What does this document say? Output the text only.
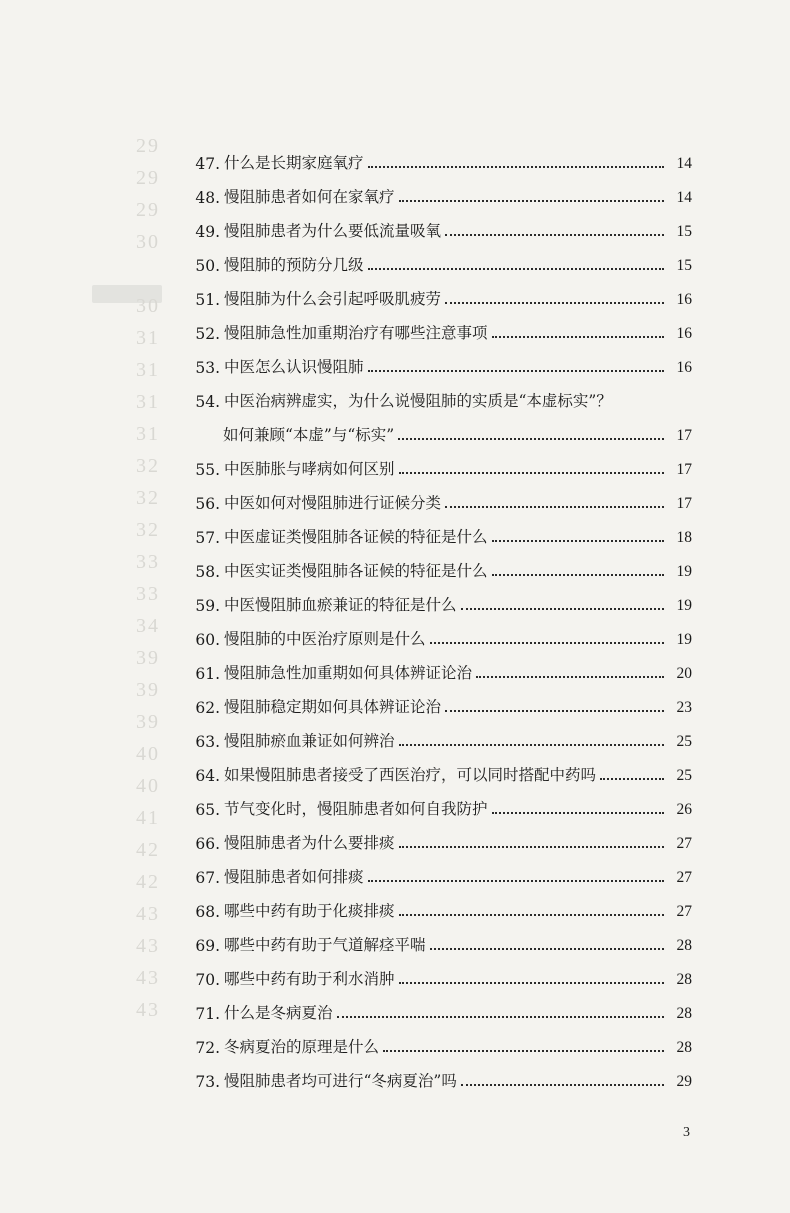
29
29
29
30
30
31
31
31
31
32
32
32
33
33
34
39
39
39
40
40
41
42
42
43
43
43
43
47. 什么是长期家庭氧疗	14
48. 慢阻肺患者如何在家氧疗	14
49. 慢阻肺患者为什么要低流量吸氧	15
50. 慢阻肺的预防分几级	15
51. 慢阻肺为什么会引起呼吸肌疲劳	16
52. 慢阻肺急性加重期治疗有哪些注意事项	16
53. 中医怎么认识慢阻肺	16
54. 中医治病辨虚实，为什么说慢阻肺的实质是“本虚标实”？
如何兼顾“本虚”与“标实”	17
55. 中医肺胀与哮病如何区别	17
56. 中医如何对慢阻肺进行证候分类	17
57. 中医虚证类慢阻肺各证候的特征是什么	18
58. 中医实证类慢阻肺各证候的特征是什么	19
59. 中医慢阻肺血瘀兼证的特征是什么	19
60. 慢阻肺的中医治疗原则是什么	19
61. 慢阻肺急性加重期如何具体辨证论治	20
62. 慢阻肺稳定期如何具体辨证论治	23
63. 慢阻肺瘀血兼证如何辨治	25
64. 如果慢阻肺患者接受了西医治疗，可以同时搭配中药吗	25
65. 节气变化时，慢阻肺患者如何自我防护	26
66. 慢阻肺患者为什么要排痰	27
67. 慢阻肺患者如何排痰	27
68. 哪些中药有助于化痰排痰	27
69. 哪些中药有助于气道解痉平喘	28
70. 哪些中药有助于利水消肿	28
71. 什么是冬病夏治	28
72. 冬病夏治的原理是什么	28
73. 慢阻肺患者均可进行“冬病夏治”吗	29
3
